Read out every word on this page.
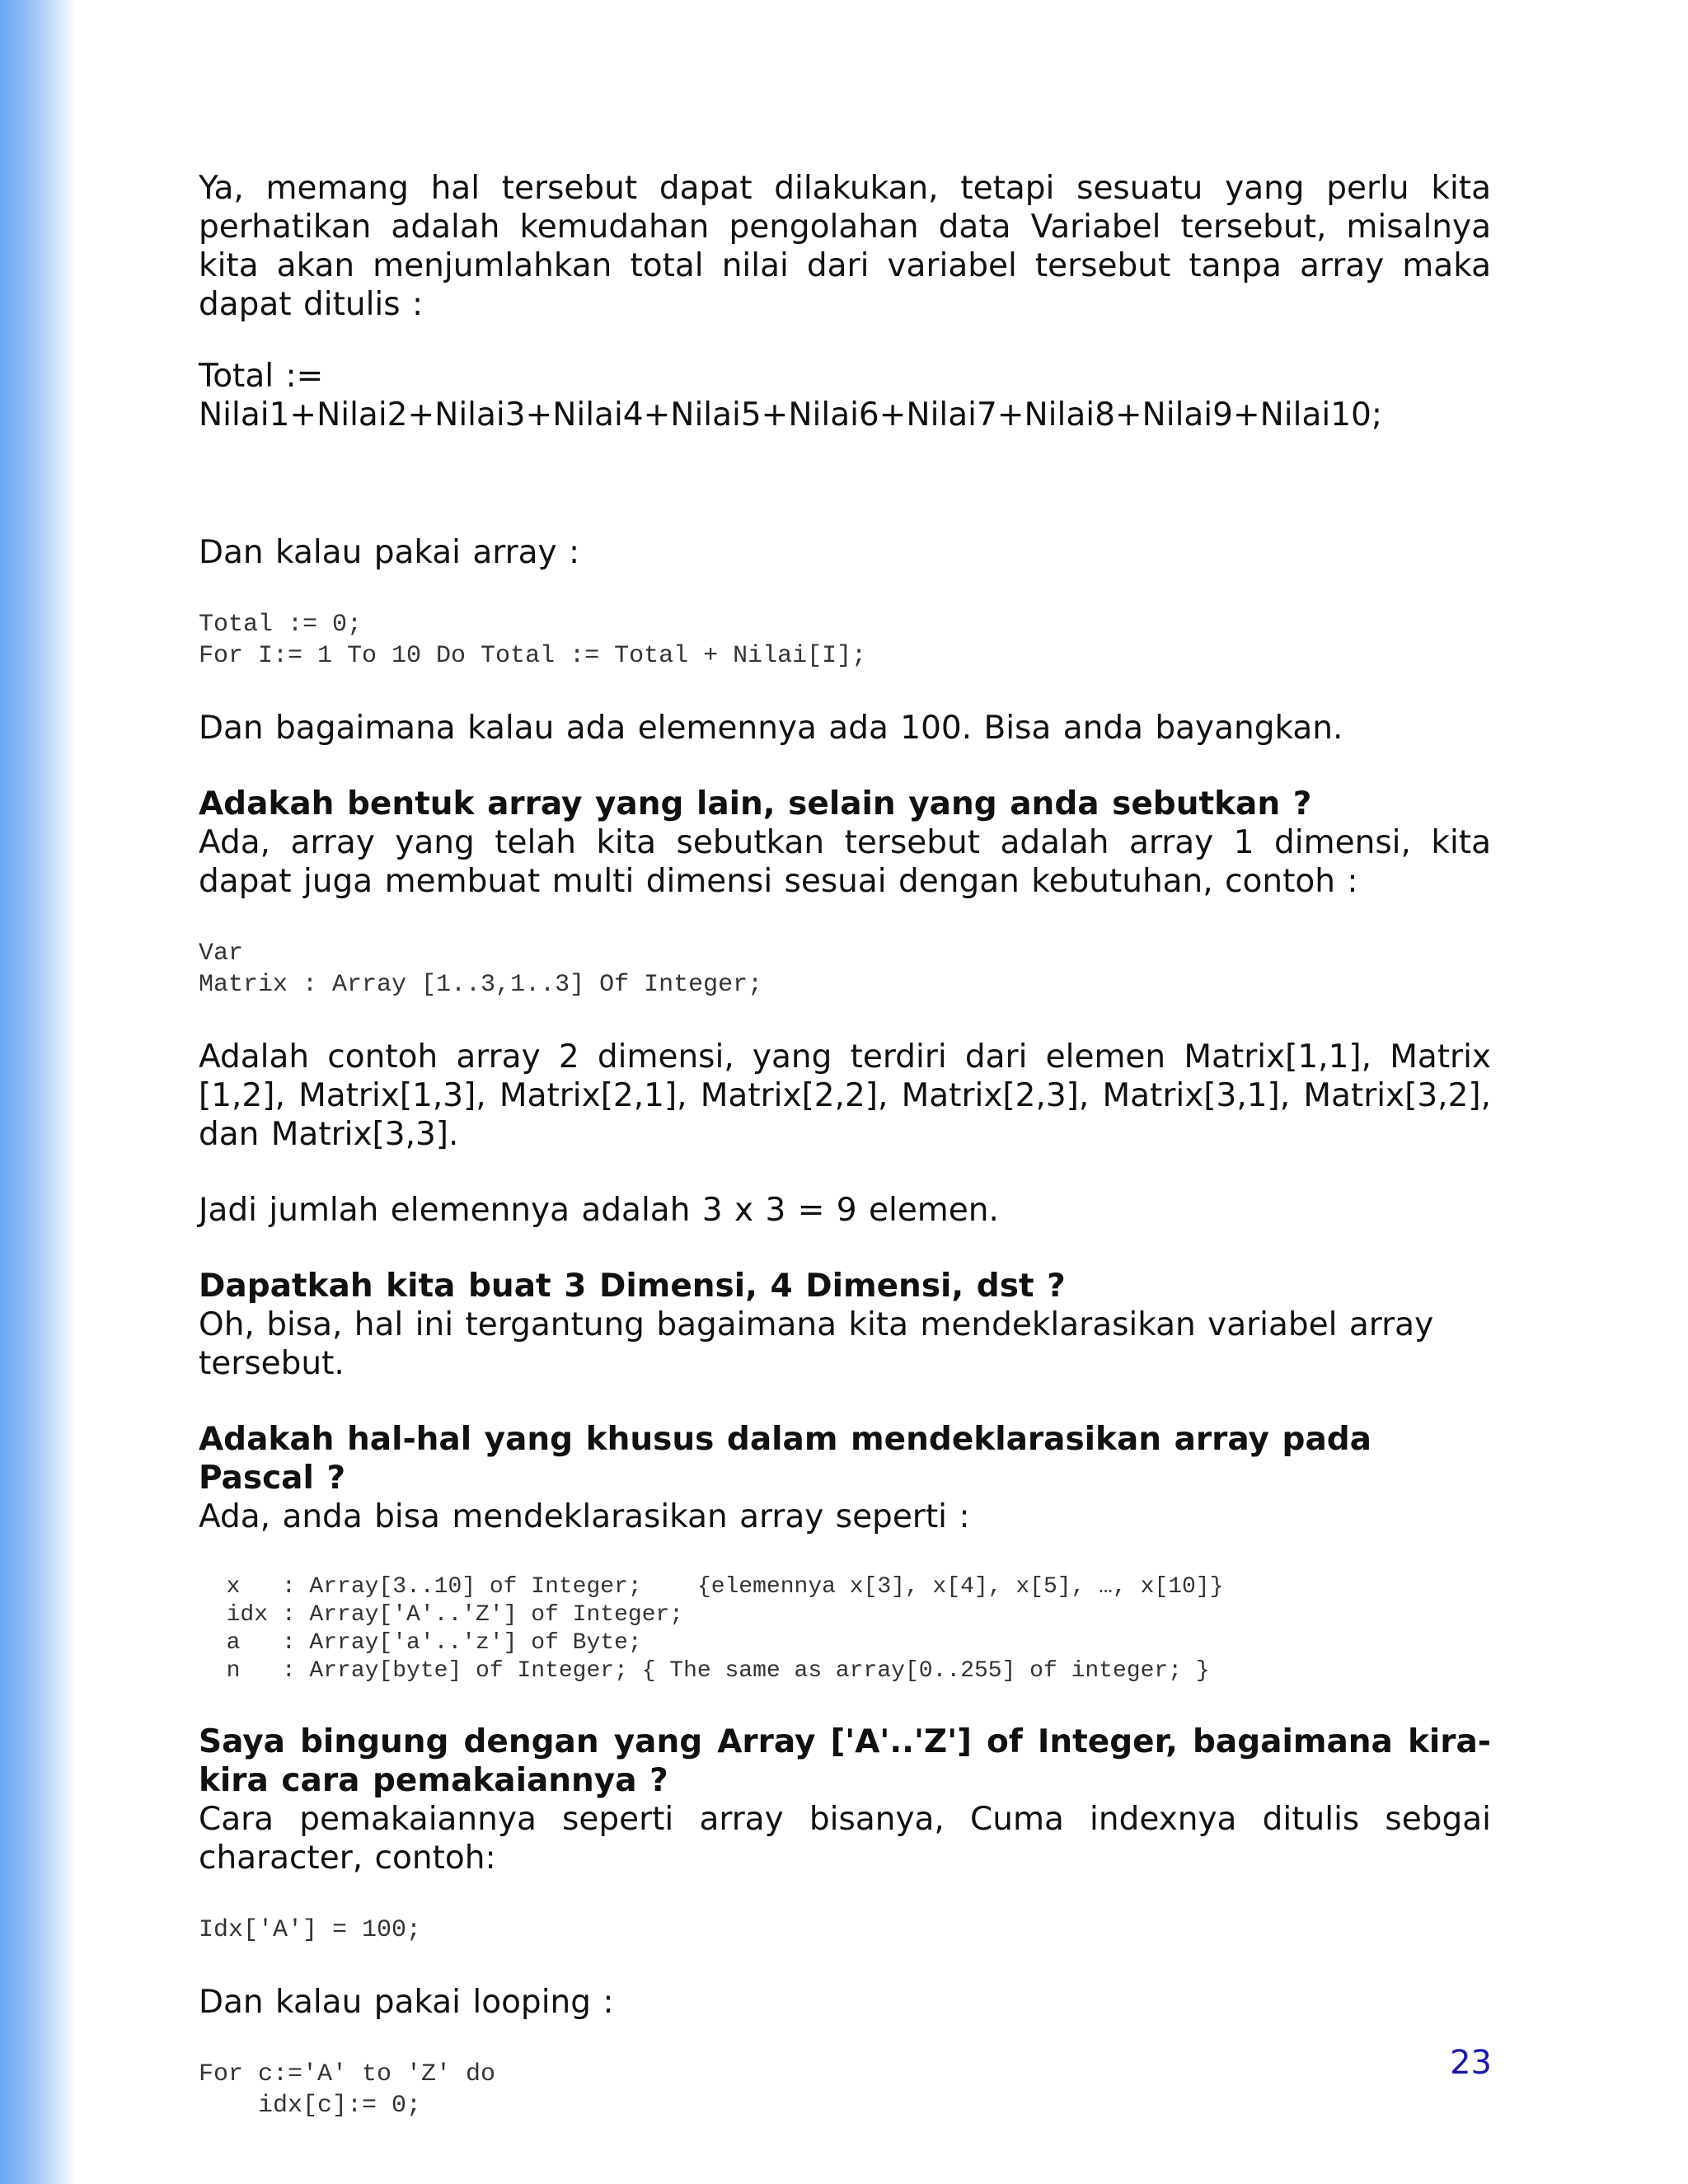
Ya, memang hal tersebut dapat dilakukan, tetapi sesuatu yang perlu kita perhatikan adalah kemudahan pengolahan data Variabel tersebut, misalnya kita akan menjumlahkan total nilai dari variabel tersebut tanpa array maka dapat ditulis :

Total := Nilai1+Nilai2+Nilai3+Nilai4+Nilai5+Nilai6+Nilai7+Nilai8+Nilai9+Nilai10;

Dan kalau pakai array :

Total := 0;
For I:= 1 To 10 Do Total := Total + Nilai[I];

Dan bagaimana kalau ada elemennya ada 100. Bisa anda bayangkan.

Adakah bentuk array yang lain, selain yang anda sebutkan ?

Ada, array yang telah kita sebutkan tersebut adalah array 1 dimensi, kita dapat juga membuat multi dimensi sesuai dengan kebutuhan, contoh :

Var
Matrix : Array [1..3,1..3] Of Integer;

Adalah contoh array 2 dimensi, yang terdiri dari elemen Matrix[1,1], Matrix [1,2], Matrix[1,3], Matrix[2,1], Matrix[2,2], Matrix[2,3], Matrix[3,1], Matrix[3,2], dan Matrix[3,3].

Jadi jumlah elemennya adalah 3 x 3 = 9 elemen.

Dapatkah kita buat 3 Dimensi, 4 Dimensi, dst ?

Oh, bisa, hal ini tergantung bagaimana kita mendeklarasikan variabel array tersebut.

Adakah hal-hal yang khusus dalam mendeklarasikan array pada Pascal ?

Ada, anda bisa mendeklarasikan array seperti :

x   : Array[3..10] of Integer;    {elemennya x[3], x[4], x[5], …, x[10]}
idx : Array['A'..'Z'] of Integer;
a   : Array['a'..'z'] of Byte;
n   : Array[byte] of Integer; { The same as array[0..255] of integer; }

Saya bingung dengan yang Array ['A'..'Z'] of Integer, bagaimana kira-kira cara pemakaiannya ?

Cara pemakaiannya seperti array bisanya, Cuma indexnya ditulis sebgai character, contoh:

Idx['A'] = 100;

Dan kalau pakai looping :

For c:='A' to 'Z' do
idx[c]:= 0;
23
